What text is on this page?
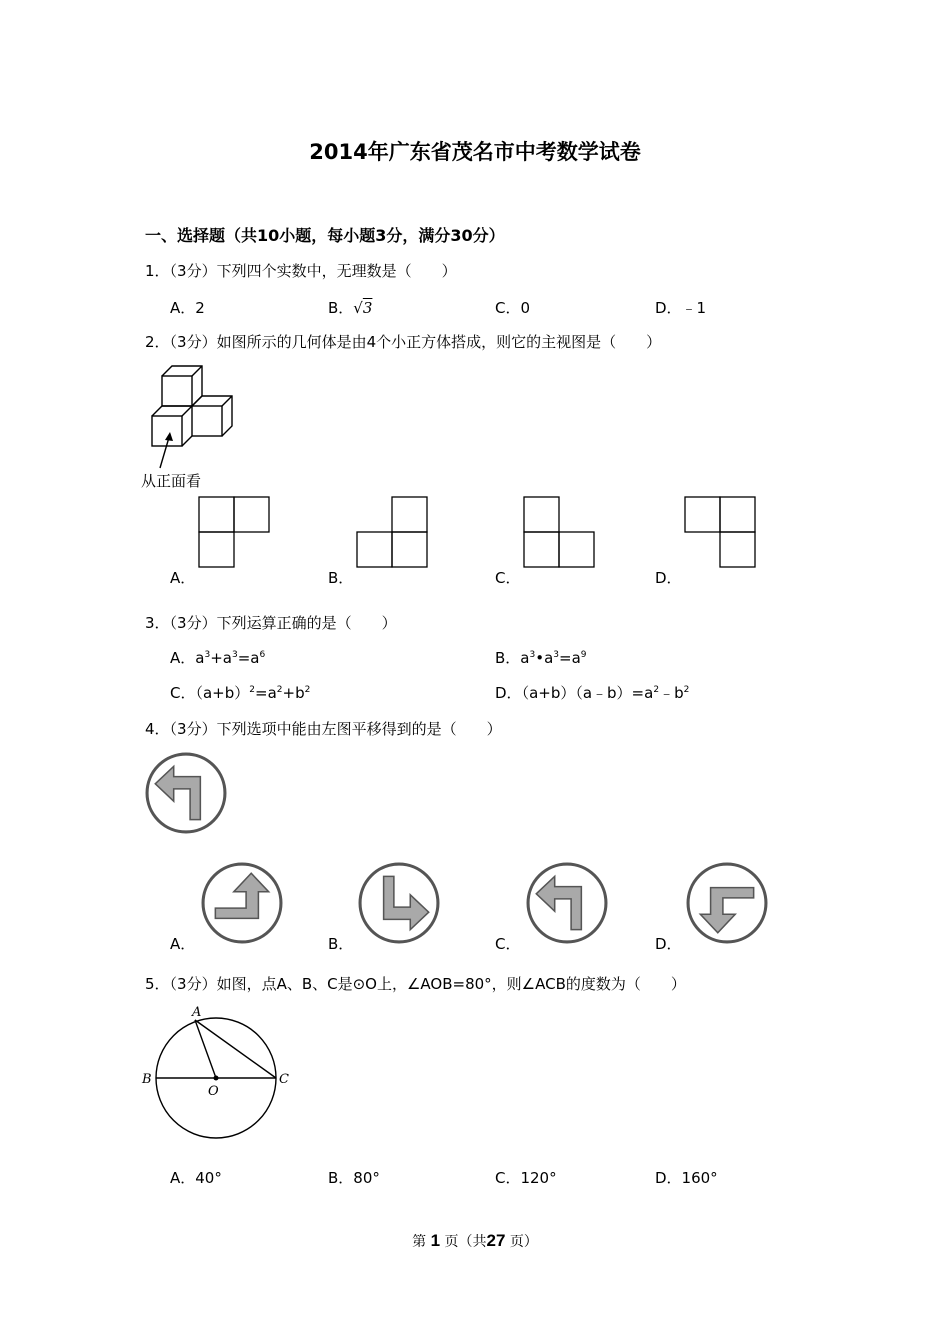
2014年广东省茂名市中考数学试卷
一、选择题（共10小题，每小题3分，满分30分）
1．（3分）下列四个实数中，无理数是（　　）
A．2	B．√3	C．0	D．﹣1
2．（3分）如图所示的几何体是由4个小正方体搭成，则它的主视图是（　　）
从正面看
A．	B．	C．	D．
3．（3分）下列运算正确的是（　　）
A．$a^3+a^3=a^6$	B．$a^3•a^3=a^9$
C．$(a+b)^2=a^2+b^2$	D．$(a+b)(a﹣b)=a^2﹣b^2$
4．（3分）下列选项中能由左图平移得到的是（　　）
A．	B．	C．	D．
5．（3分）如图，点A、B、C是⊙O上，∠AOB=80°，则∠ACB的度数为（　　）
A
B
O
C
A．40°	B．80°	C．120°	D．160°
第 1 页（共27 页）
